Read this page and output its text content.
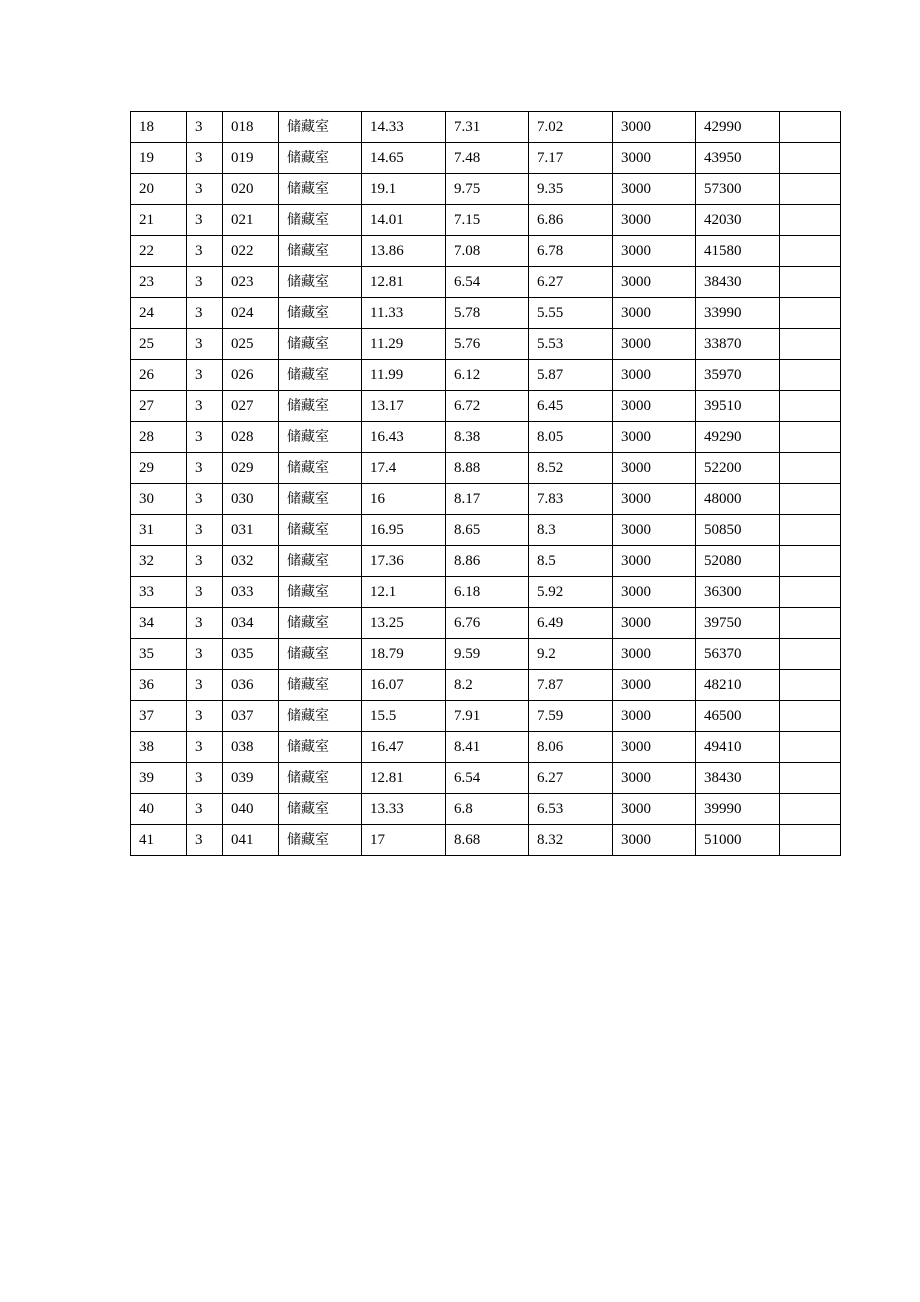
18	3	018	储藏室	14.33	7.31	7.02	3000	42990	
19	3	019	储藏室	14.65	7.48	7.17	3000	43950	
20	3	020	储藏室	19.1	9.75	9.35	3000	57300	
21	3	021	储藏室	14.01	7.15	6.86	3000	42030	
22	3	022	储藏室	13.86	7.08	6.78	3000	41580	
23	3	023	储藏室	12.81	6.54	6.27	3000	38430	
24	3	024	储藏室	11.33	5.78	5.55	3000	33990	
25	3	025	储藏室	11.29	5.76	5.53	3000	33870	
26	3	026	储藏室	11.99	6.12	5.87	3000	35970	
27	3	027	储藏室	13.17	6.72	6.45	3000	39510	
28	3	028	储藏室	16.43	8.38	8.05	3000	49290	
29	3	029	储藏室	17.4	8.88	8.52	3000	52200	
30	3	030	储藏室	16	8.17	7.83	3000	48000	
31	3	031	储藏室	16.95	8.65	8.3	3000	50850	
32	3	032	储藏室	17.36	8.86	8.5	3000	52080	
33	3	033	储藏室	12.1	6.18	5.92	3000	36300	
34	3	034	储藏室	13.25	6.76	6.49	3000	39750	
35	3	035	储藏室	18.79	9.59	9.2	3000	56370	
36	3	036	储藏室	16.07	8.2	7.87	3000	48210	
37	3	037	储藏室	15.5	7.91	7.59	3000	46500	
38	3	038	储藏室	16.47	8.41	8.06	3000	49410	
39	3	039	储藏室	12.81	6.54	6.27	3000	38430	
40	3	040	储藏室	13.33	6.8	6.53	3000	39990	
41	3	041	储藏室	17	8.68	8.32	3000	51000	
